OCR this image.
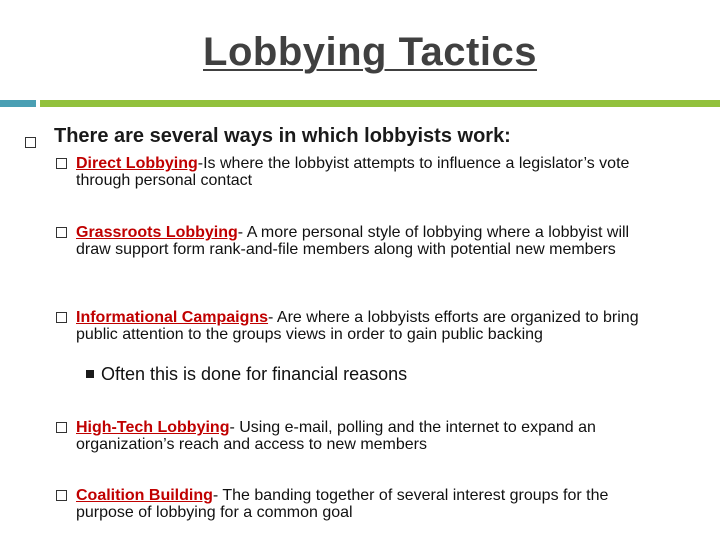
Lobbying Tactics
There are several ways in which lobbyists work:
Direct Lobbying-Is where the lobbyist attempts to influence a legislator’s vote through personal contact
Grassroots Lobbying- A more personal style of lobbying where a lobbyist will draw support form rank-and-file members along with potential new members
Informational Campaigns- Are where a lobbyists efforts are organized to bring public attention to the groups views in order to gain public backing
Often this is done for financial reasons
High-Tech Lobbying- Using e-mail, polling and the internet to expand an organization’s reach and access to new members
Coalition Building- The banding together of several interest groups for the purpose of lobbying for a common goal
